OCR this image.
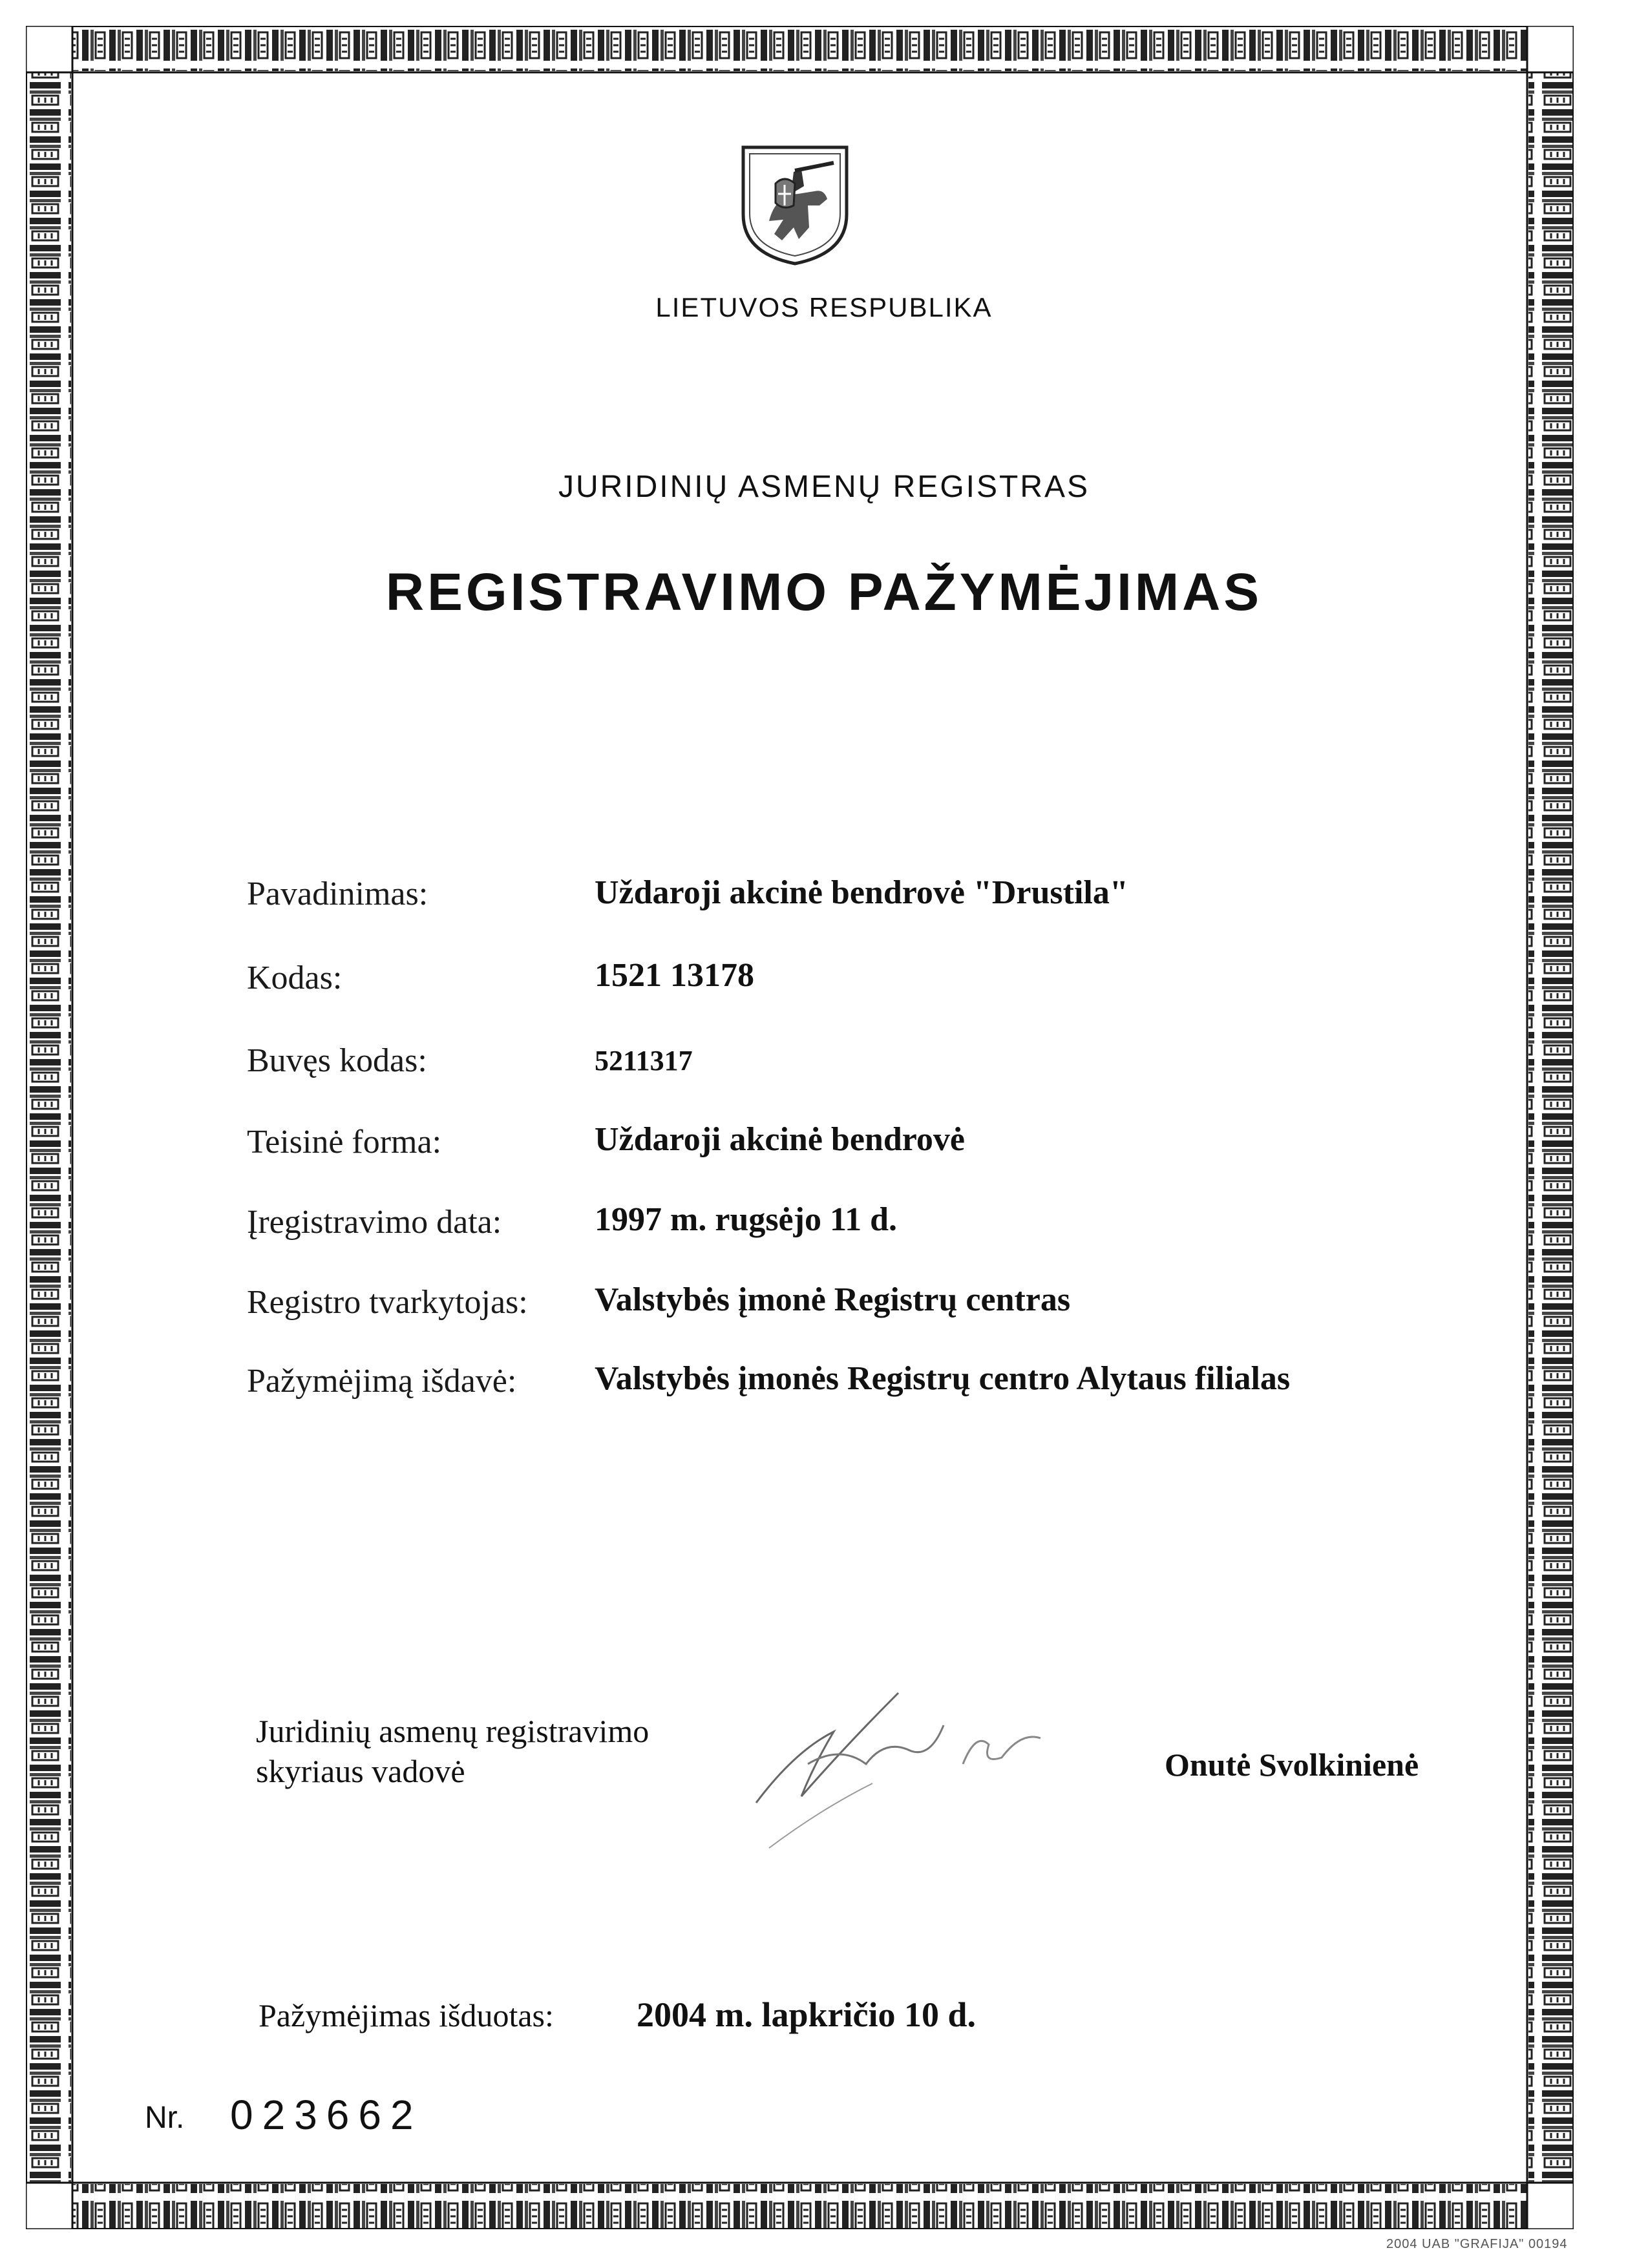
LIETUVOS RESPUBLIKA
JURIDINIŲ ASMENŲ REGISTRAS
REGISTRAVIMO PAŽYMĖJIMAS
Pavadinimas:	Uždaroji akcinė bendrovė "Drustila"
Kodas:	1521 13178
Buvęs kodas:	5211317
Teisinė forma:	Uždaroji akcinė bendrovė
Įregistravimo data:	1997 m. rugsėjo 11 d.
Registro tvarkytojas: Valstybės įmonė Registrų centras
Pažymėjimą išdavė: Valstybės įmonės Registrų centro Alytaus filialas
Juridinių asmenų registravimo
skyriaus vadovė	Onutė Svolkinienė
Pažymėjimas išduotas: 2004 m. lapkričio 10 d.
Nr. 023662
2004 UAB "GRAFIJA" 00194
